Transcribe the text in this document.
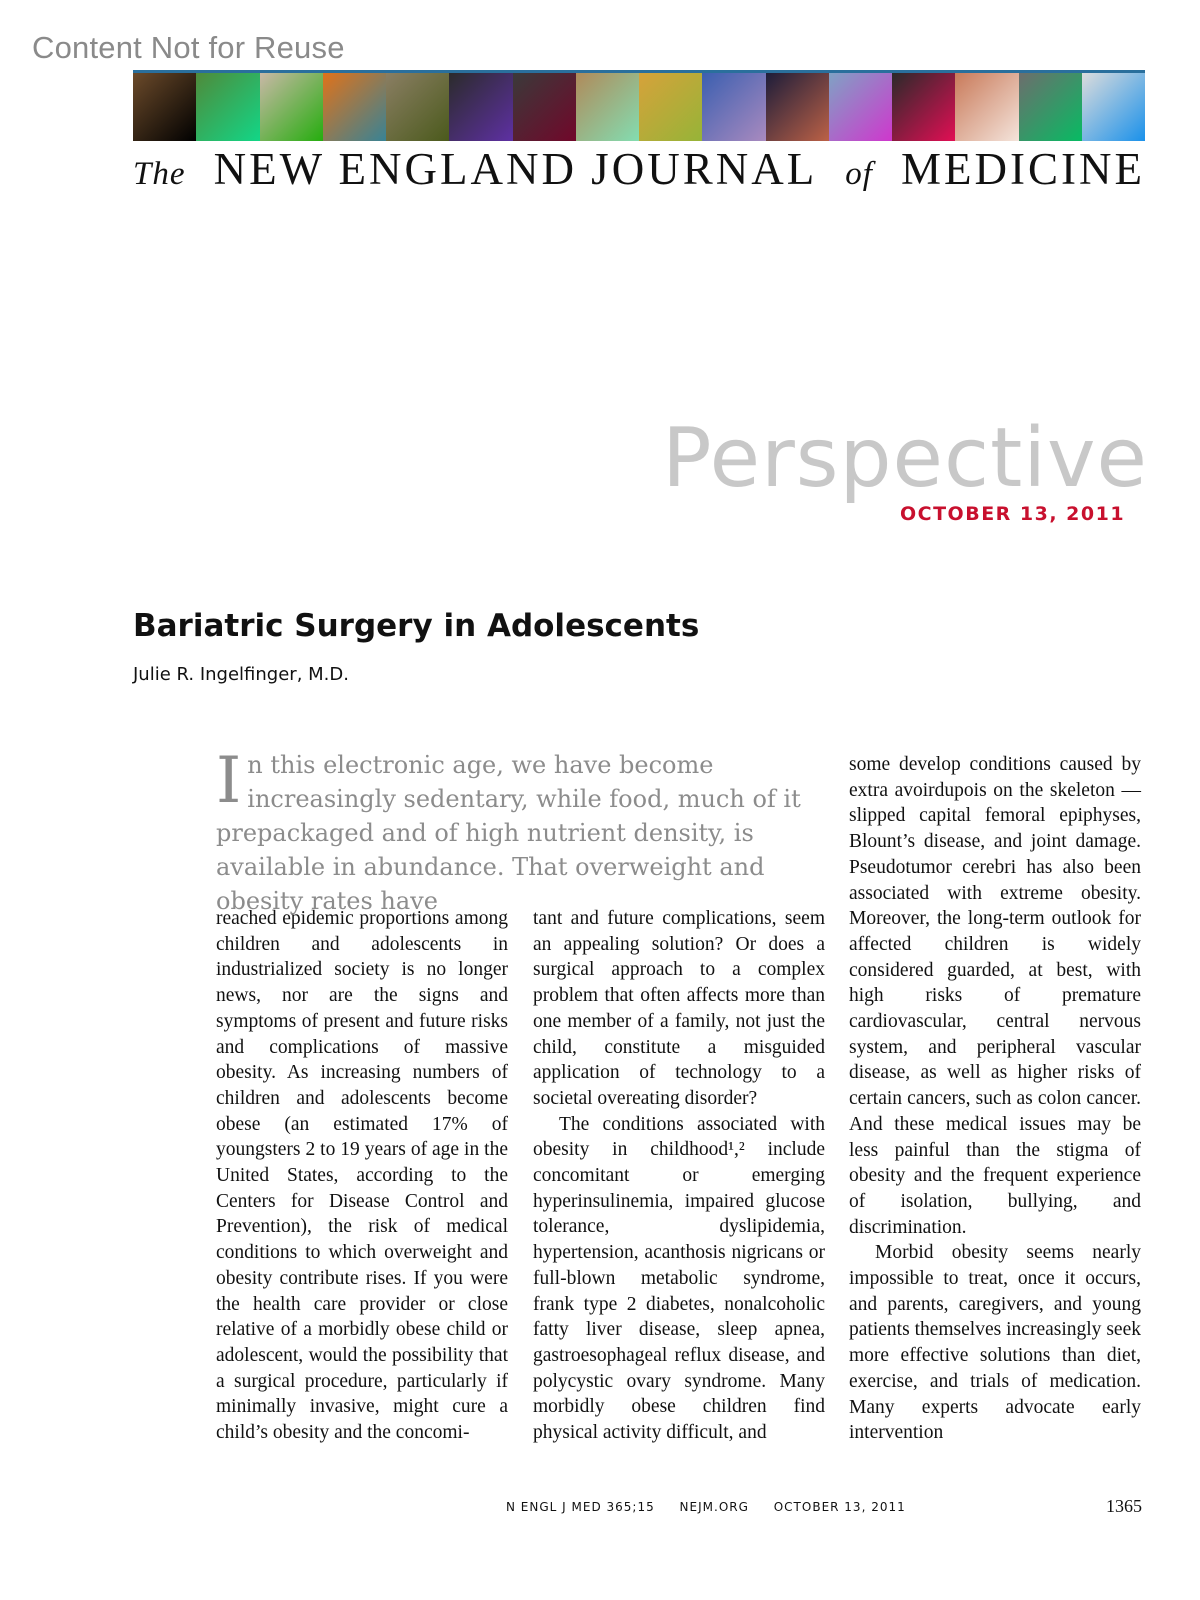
Content Not for Reuse
The NEW ENGLAND JOURNAL of MEDICINE
Perspective
OCTOBER 13, 2011
Bariatric Surgery in Adolescents
Julie R. Ingelfinger, M.D.
I n this electronic age, we have become increasingly sedentary, while food, much of it prepackaged and of high nutrient density, is available in abundance. That overweight and obesity rates have

reached epidemic proportions among children and adolescents in industrialized society is no longer news, nor are the signs and symptoms of present and future risks and complications of massive obesity. As increasing numbers of children and adolescents become obese (an estimated 17% of youngsters 2 to 19 years of age in the United States, according to the Centers for Disease Control and Prevention), the risk of medical conditions to which overweight and obesity contribute rises. If you were the health care provider or close relative of a morbidly obese child or adolescent, would the possibility that a surgical procedure, particularly if minimally invasive, might cure a child’s obesity and the concomi-

tant and future complications, seem an appealing solution? Or does a surgical approach to a complex problem that often affects more than one member of a family, not just the child, constitute a misguided application of technology to a societal overeating disorder?

The conditions associated with obesity in childhood¹,² include concomitant or emerging hyperinsulinemia, impaired glucose tolerance, dyslipidemia, hypertension, acanthosis nigricans or full-blown metabolic syndrome, frank type 2 diabetes, nonalcoholic fatty liver disease, sleep apnea, gastroesophageal reflux disease, and polycystic ovary syndrome. Many morbidly obese children find physical activity difficult, and

some develop conditions caused by extra avoirdupois on the skeleton — slipped capital femoral epiphyses, Blount’s disease, and joint damage. Pseudotumor cerebri has also been associated with extreme obesity. Moreover, the long-term outlook for affected children is widely considered guarded, at best, with high risks of premature cardiovascular, central nervous system, and peripheral vascular disease, as well as higher risks of certain cancers, such as colon cancer. And these medical issues may be less painful than the stigma of obesity and the frequent experience of isolation, bullying, and discrimination.

Morbid obesity seems nearly impossible to treat, once it occurs, and parents, caregivers, and young patients themselves increasingly seek more effective solutions than diet, exercise, and trials of medication. Many experts advocate early intervention

N ENGL J MED 365;15 NEJM.ORG OCTOBER 13, 2011	1365
